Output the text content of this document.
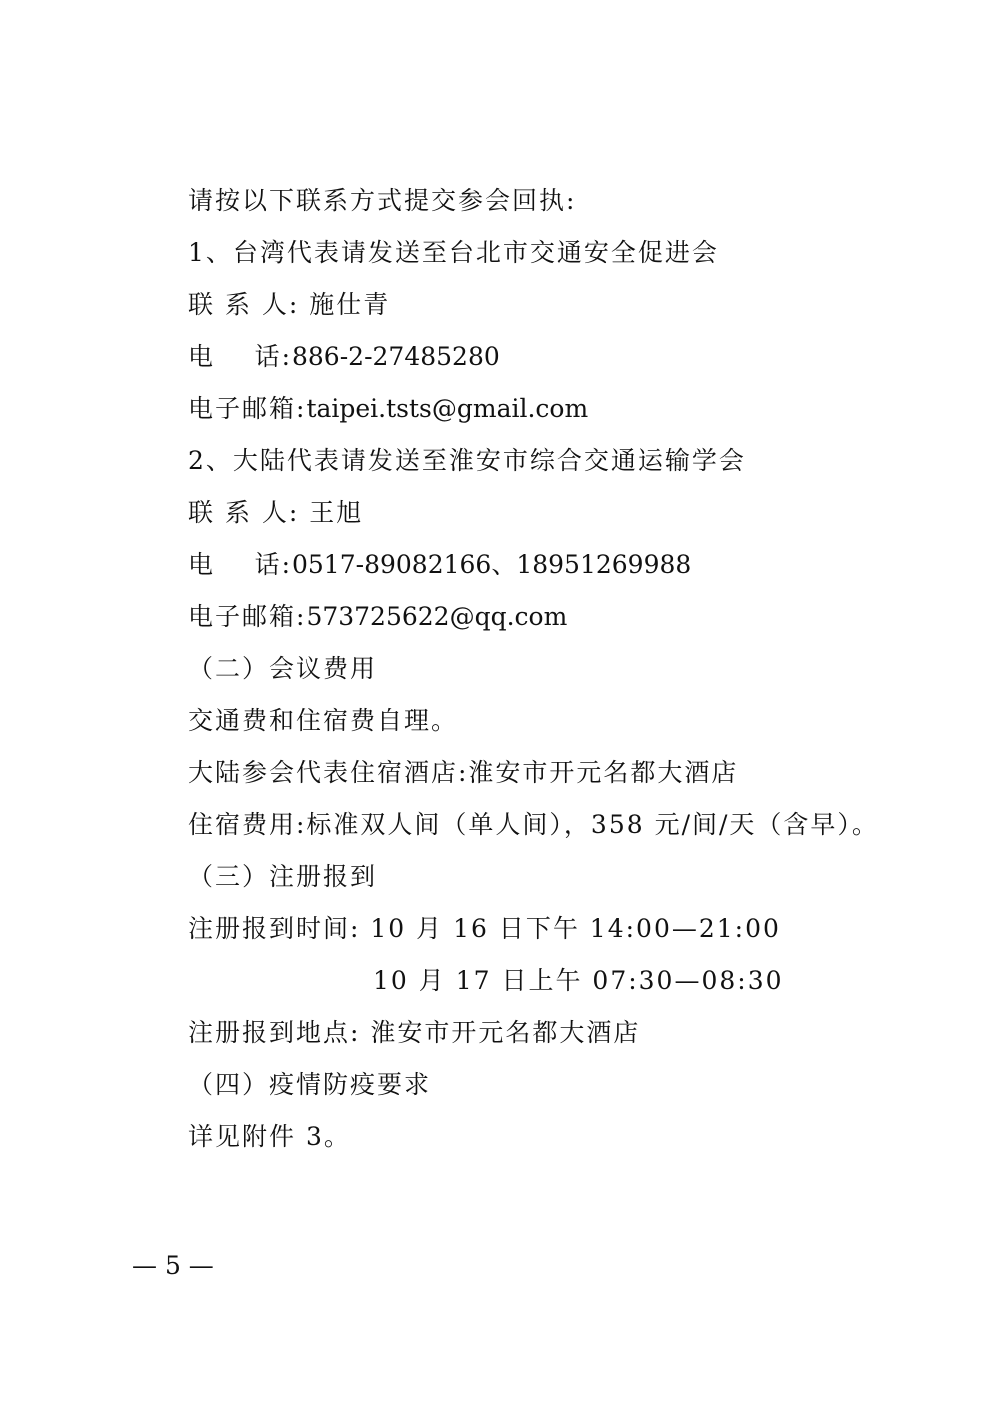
请按以下联系方式提交参会回执:
1、台湾代表请发送至台北市交通安全促进会
联 系 人: 施仕青
电 话: 886-2-27485280
电子邮箱:taipei.tsts@gmail.com
2、大陆代表请发送至淮安市综合交通运输学会
联 系 人: 王旭
电 话: 0517-89082166、18951269988
电子邮箱:573725622@qq.com
（二）会议费用
交通费和住宿费自理。
大陆参会代表住宿酒店:淮安市开元名都大酒店
住宿费用:标准双人间（单人间），358 元/间/天（含早）。
（三）注册报到
注册报到时间: 10 月 16 日下午 14:00—21:00
10 月 17 日上午 07:30—08:30
注册报到地点: 淮安市开元名都大酒店
（四）疫情防疫要求
详见附件 3。
— 5 —
